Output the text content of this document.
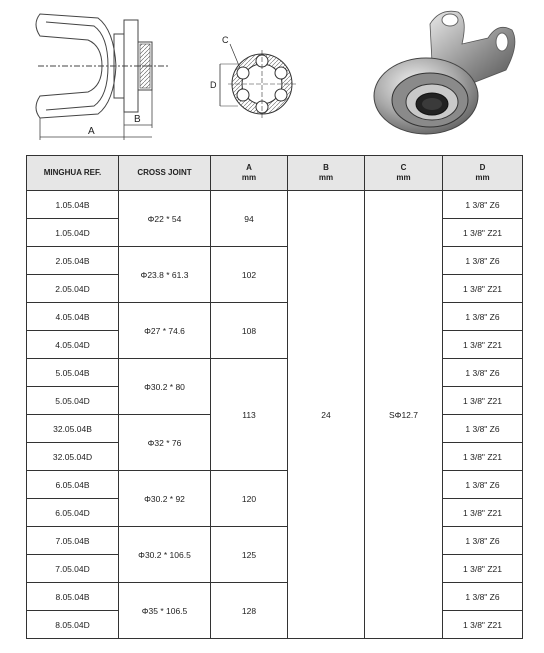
A
B
C
D
MINGHUA REF.	CROSS JOINT	A
mm	B
mm	C
mm	D
mm

1.05.04B	Φ22 * 54	94	24	SΦ12.7	1 3/8" Z6
1.05.04D					1 3/8" Z21
2.05.04B	Φ23.8 * 61.3	102			1 3/8" Z6
2.05.04D					1 3/8" Z21
4.05.04B	Φ27 * 74.6	108			1 3/8" Z6
4.05.04D					1 3/8" Z21
5.05.04B	Φ30.2 * 80	113			1 3/8" Z6
5.05.04D					1 3/8" Z21
32.05.04B	Φ32 * 76				1 3/8" Z6
32.05.04D					1 3/8" Z21
6.05.04B	Φ30.2 * 92	120			1 3/8" Z6
6.05.04D					1 3/8" Z21
7.05.04B	Φ30.2 * 106.5	125			1 3/8" Z6
7.05.04D					1 3/8" Z21
8.05.04B	Φ35 * 106.5	128			1 3/8" Z6
8.05.04D					1 3/8" Z21
